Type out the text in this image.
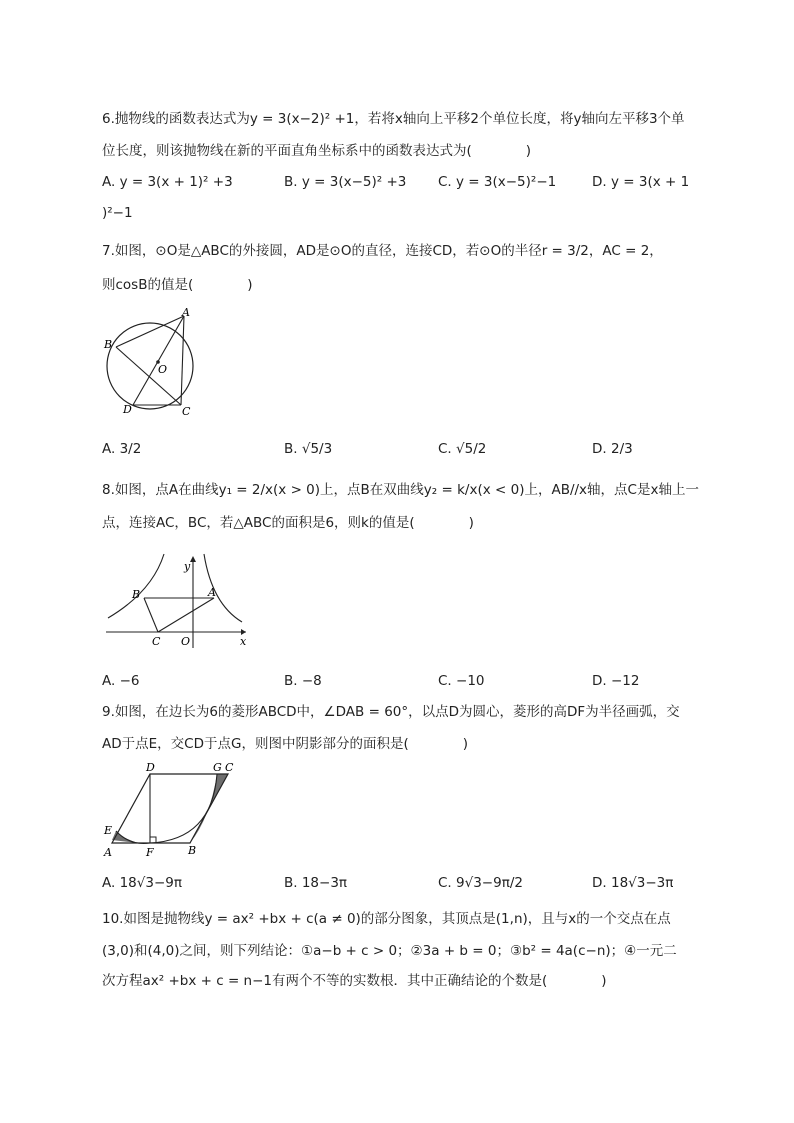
6.抛物线的函数表达式为y = 3(x−2)² +1，若将x轴向上平移2个单位长度，将y轴向左平移3个单
位长度，则该抛物线在新的平面直角坐标系中的函数表达式为(　　　　)
A. y = 3(x + 1)² +3	B. y = 3(x−5)² +3 C. y = 3(x−5)²−1	D. y = 3(x + 1
)²−1
7.如图，⊙O是△ABC的外接圆，AD是⊙O的直径，连接CD，若⊙O的半径r = 3/2，AC = 2，
则cosB的值是(　　　　)
A
B
O
D	C
A. 3/2	B. √5/3	C. √5/2	D. 2/3
8.如图，点A在曲线y₁ = 2/x(x > 0)上，点B在双曲线y₂ = k/x(x < 0)上，AB//x轴，点C是x轴上一
点，连接AC，BC，若△ABC的面积是6，则k的值是(　　　　)
y
B	A
C O	x
A. −6	B. −8	C. −10	D. −12
9.如图，在边长为6的菱形ABCD中，∠DAB = 60°，以点D为圆心，菱形的高DF为半径画弧，交
AD于点E，交CD于点G，则图中阴影部分的面积是(　　　　)
D	G C
E
A	F	B
A. 18√3−9π	B. 18−3π	C. 9√3−9π/2	D. 18√3−3π
10.如图是抛物线y = ax² +bx + c(a ≠ 0)的部分图象，其顶点是(1,n)，且与x的一个交点在点
(3,0)和(4,0)之间，则下列结论：①a−b + c > 0；②3a + b = 0；③b² = 4a(c−n)；④一元二
次方程ax² +bx + c = n−1有两个不等的实数根．其中正确结论的个数是(　　　　)
